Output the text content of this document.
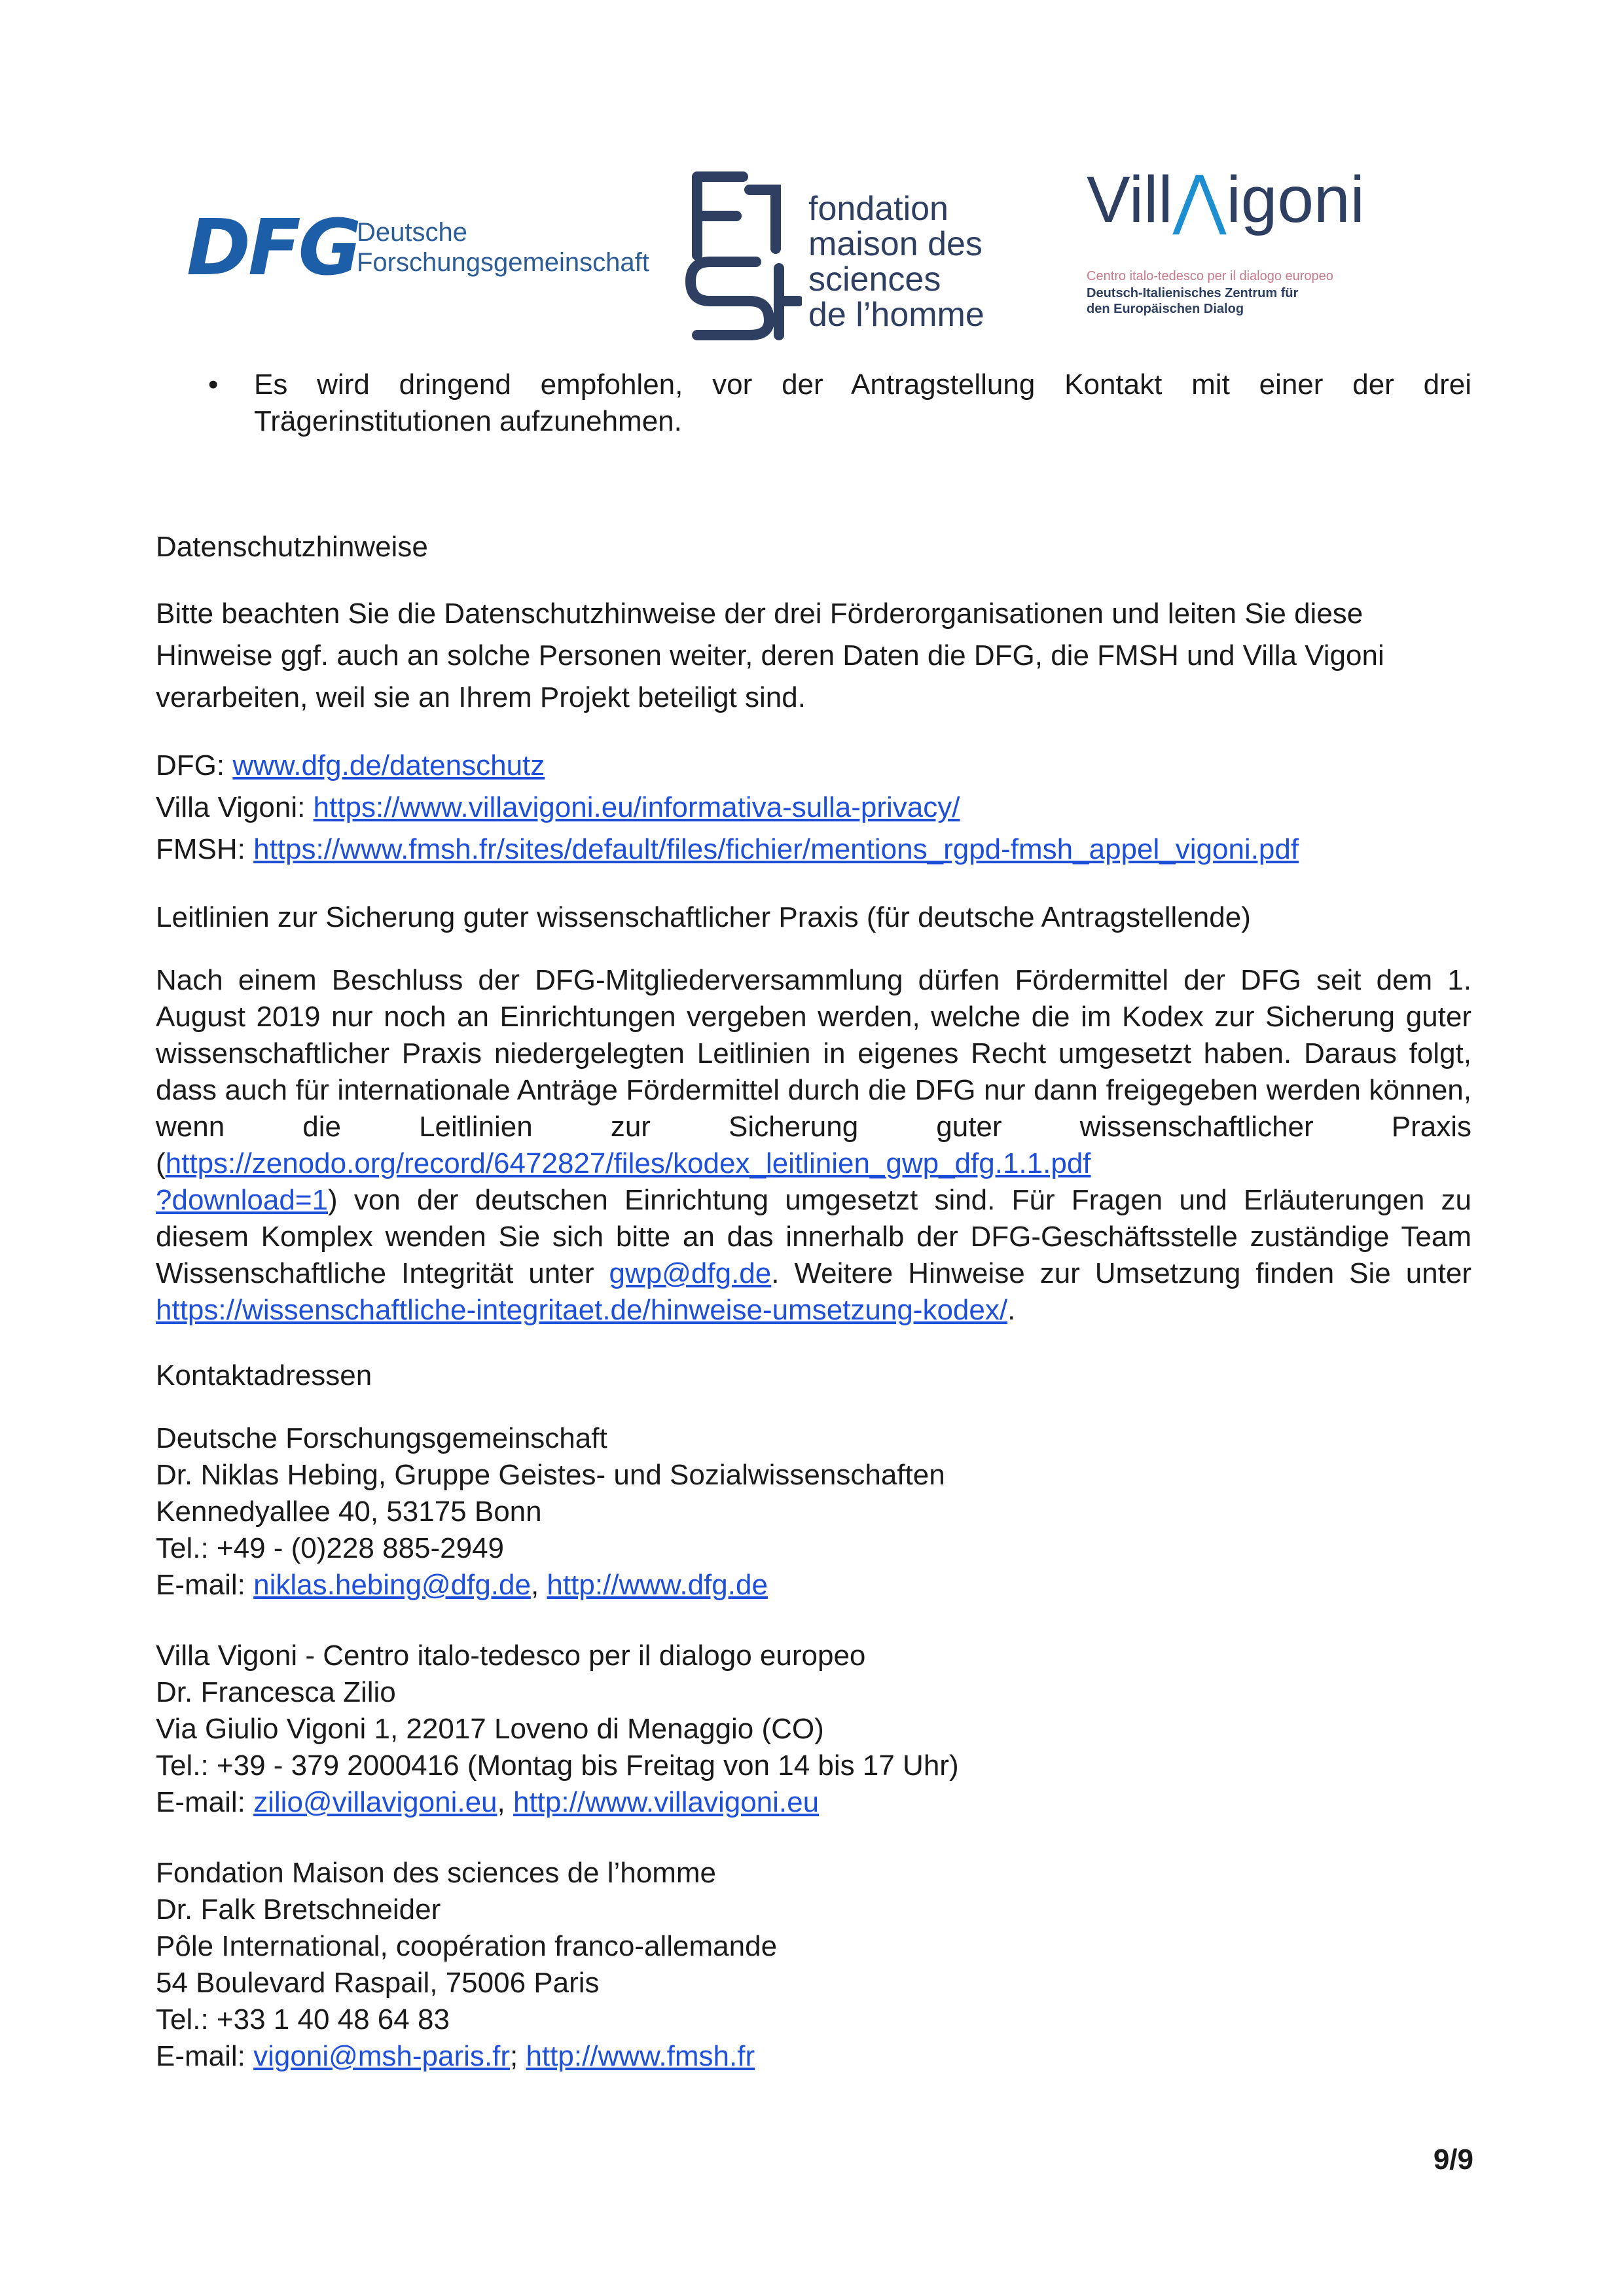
DFG
Deutsche
Forschungsgemeinschaft
fondation
maison des
sciences
de l’homme
Vill⋀igoni
Centro italo-tedesco per il dialogo europeo
Deutsch-Italienisches Zentrum für
den Europäischen Dialog
• Es wird dringend empfohlen, vor der Antragstellung Kontakt mit einer der drei Trägerinstitutionen aufzunehmen.

Datenschutzhinweise

Bitte beachten Sie die Datenschutzhinweise der drei Förderorganisationen und leiten Sie diese Hinweise ggf. auch an solche Personen weiter, deren Daten die DFG, die FMSH und Villa Vigoni verarbeiten, weil sie an Ihrem Projekt beteiligt sind.

DFG: www.dfg.de/datenschutz
Villa Vigoni: https://www.villavigoni.eu/informativa-sulla-privacy/
FMSH: https://www.fmsh.fr/sites/default/files/fichier/mentions_rgpd-fmsh_appel_vigoni.pdf

Leitlinien zur Sicherung guter wissenschaftlicher Praxis (für deutsche Antragstellende)

Nach einem Beschluss der DFG-Mitgliederversammlung dürfen Fördermittel der DFG seit dem 1. August 2019 nur noch an Einrichtungen vergeben werden, welche die im Kodex zur Sicherung guter wissenschaftlicher Praxis niedergelegten Leitlinien in eigenes Recht umgesetzt haben. Daraus folgt, dass auch für internationale Anträge Fördermittel durch die DFG nur dann freigegeben werden können, wenn die Leitlinien zur Sicherung guter wissenschaftlicher Praxis (https://zenodo.org/record/6472827/files/kodex_leitlinien_gwp_dfg.1.1.pdf
?download=1) von der deutschen Einrichtung umgesetzt sind. Für Fragen und Erläuterungen zu diesem Komplex wenden Sie sich bitte an das innerhalb der DFG-Geschäftsstelle zuständige Team Wissenschaftliche Integrität unter gwp@dfg.de. Weitere Hinweise zur Umsetzung finden Sie unter https://wissenschaftliche-integritaet.de/hinweise-umsetzung-kodex/.

Kontaktadressen

Deutsche Forschungsgemeinschaft
Dr. Niklas Hebing, Gruppe Geistes- und Sozialwissenschaften
Kennedyallee 40, 53175 Bonn
Tel.: +49 - (0)228 885-2949
E-mail: niklas.hebing@dfg.de, http://www.dfg.de
Villa Vigoni - Centro italo-tedesco per il dialogo europeo
Dr. Francesca Zilio
Via Giulio Vigoni 1, 22017 Loveno di Menaggio (CO)
Tel.: +39 - 379 2000416 (Montag bis Freitag von 14 bis 17 Uhr)
E-mail: zilio@villavigoni.eu, http://www.villavigoni.eu
Fondation Maison des sciences de l’homme
Dr. Falk Bretschneider
Pôle International, coopération franco-allemande
54 Boulevard Raspail, 75006 Paris
Tel.: +33 1 40 48 64 83
E-mail: vigoni@msh-paris.fr; http://www.fmsh.fr
9/9
